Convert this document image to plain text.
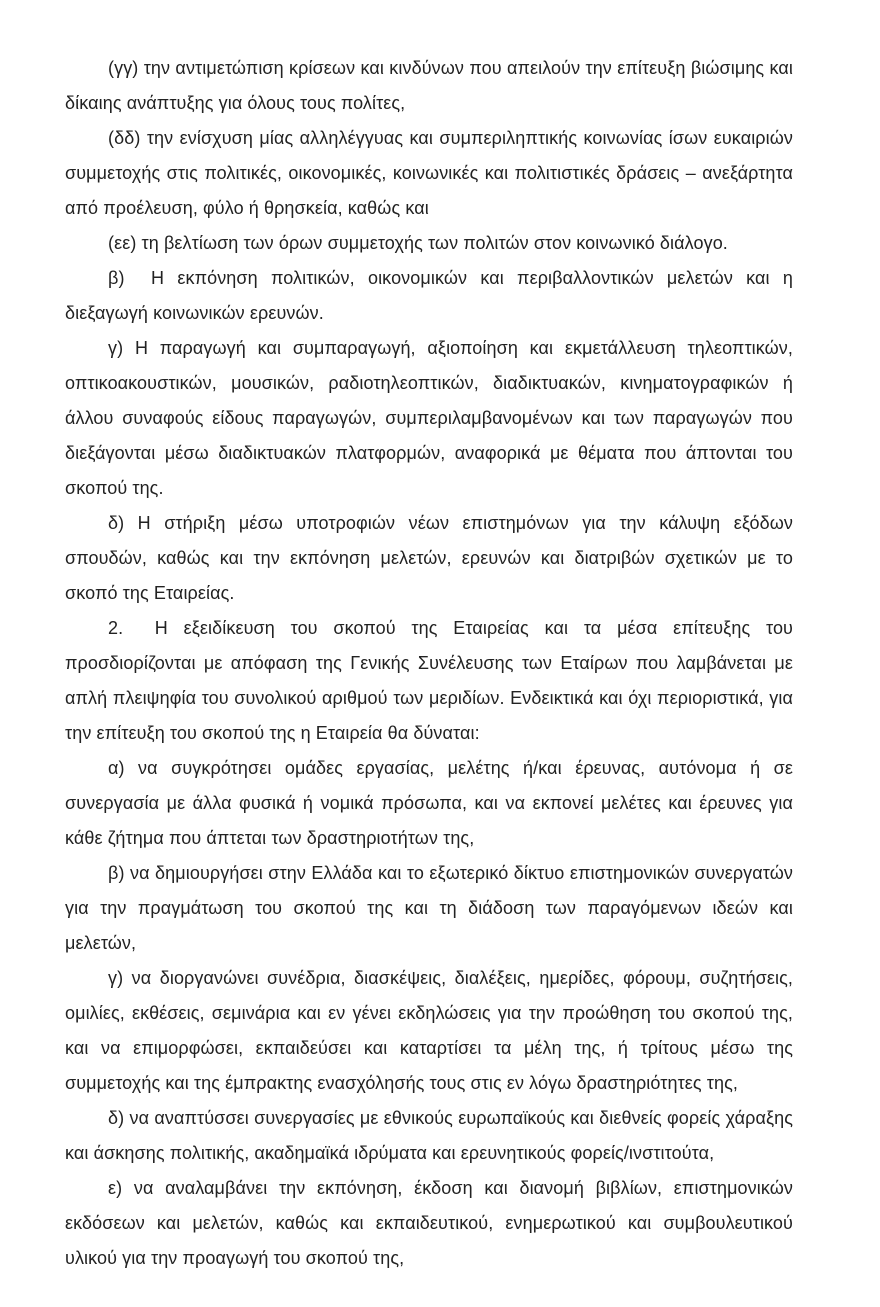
(γγ) την αντιμετώπιση κρίσεων και κινδύνων που απειλούν την επίτευξη βιώσιμης και δίκαιης ανάπτυξης για όλους τους πολίτες,

(δδ) την ενίσχυση μίας αλληλέγγυας και συμπεριληπτικής κοινωνίας ίσων ευκαιριών συμμετοχής στις πολιτικές, οικονομικές, κοινωνικές και πολιτιστικές δράσεις – ανεξάρτητα από προέλευση, φύλο ή θρησκεία, καθώς και

(εε) τη βελτίωση των όρων συμμετοχής των πολιτών στον κοινωνικό διάλογο.

β)  Η εκπόνηση πολιτικών, οικονομικών και περιβαλλοντικών μελετών και η διεξαγωγή κοινωνικών ερευνών.

γ) Η παραγωγή και συμπαραγωγή, αξιοποίηση και εκμετάλλευση τηλεοπτικών, οπτικοακουστικών, μουσικών, ραδιοτηλεοπτικών, διαδικτυακών, κινηματογραφικών ή άλλου συναφούς είδους παραγωγών, συμπεριλαμβανομένων και των παραγωγών που διεξάγονται μέσω διαδικτυακών πλατφορμών, αναφορικά με θέματα που άπτονται του σκοπού της.

δ) Η στήριξη μέσω υποτροφιών νέων επιστημόνων για την κάλυψη εξόδων σπουδών, καθώς και την εκπόνηση μελετών, ερευνών και διατριβών σχετικών με το σκοπό της Εταιρείας.

2.  Η εξειδίκευση του σκοπού της Εταιρείας και τα μέσα επίτευξης του προσδιορίζονται με απόφαση της Γενικής Συνέλευσης των Εταίρων που λαμβάνεται με απλή πλειψηφία του συνολικού αριθμού των μεριδίων. Ενδεικτικά και όχι περιοριστικά, για την επίτευξη του σκοπού της η Εταιρεία θα δύναται:

α) να συγκρότησει ομάδες εργασίας, μελέτης ή/και έρευνας, αυτόνομα ή σε συνεργασία με άλλα φυσικά ή νομικά πρόσωπα, και να εκπονεί μελέτες και έρευνες για κάθε ζήτημα που άπτεται των δραστηριοτήτων της,

β) να δημιουργήσει στην Ελλάδα και το εξωτερικό δίκτυο επιστημονικών συνεργατών για την πραγμάτωση του σκοπού της και τη διάδοση των παραγόμενων ιδεών και μελετών,

γ) να διοργανώνει συνέδρια, διασκέψεις, διαλέξεις, ημερίδες, φόρουμ, συζητήσεις, ομιλίες, εκθέσεις, σεμινάρια και εν γένει εκδηλώσεις για την προώθηση του σκοπού της, και να επιμορφώσει, εκπαιδεύσει και καταρτίσει τα μέλη της, ή τρίτους μέσω της συμμετοχής και της έμπρακτης ενασχόλησής τους στις εν λόγω δραστηριότητες της,

δ) να αναπτύσσει συνεργασίες με εθνικούς ευρωπαϊκούς και διεθνείς φορείς χάραξης και άσκησης πολιτικής, ακαδημαϊκά ιδρύματα και ερευνητικούς φορείς/ινστιτούτα,

ε) να αναλαμβάνει την εκπόνηση, έκδοση και διανομή βιβλίων, επιστημονικών εκδόσεων και μελετών, καθώς και εκπαιδευτικού, ενημερωτικού και συμβουλευτικού υλικού για την προαγωγή του σκοπού της,
